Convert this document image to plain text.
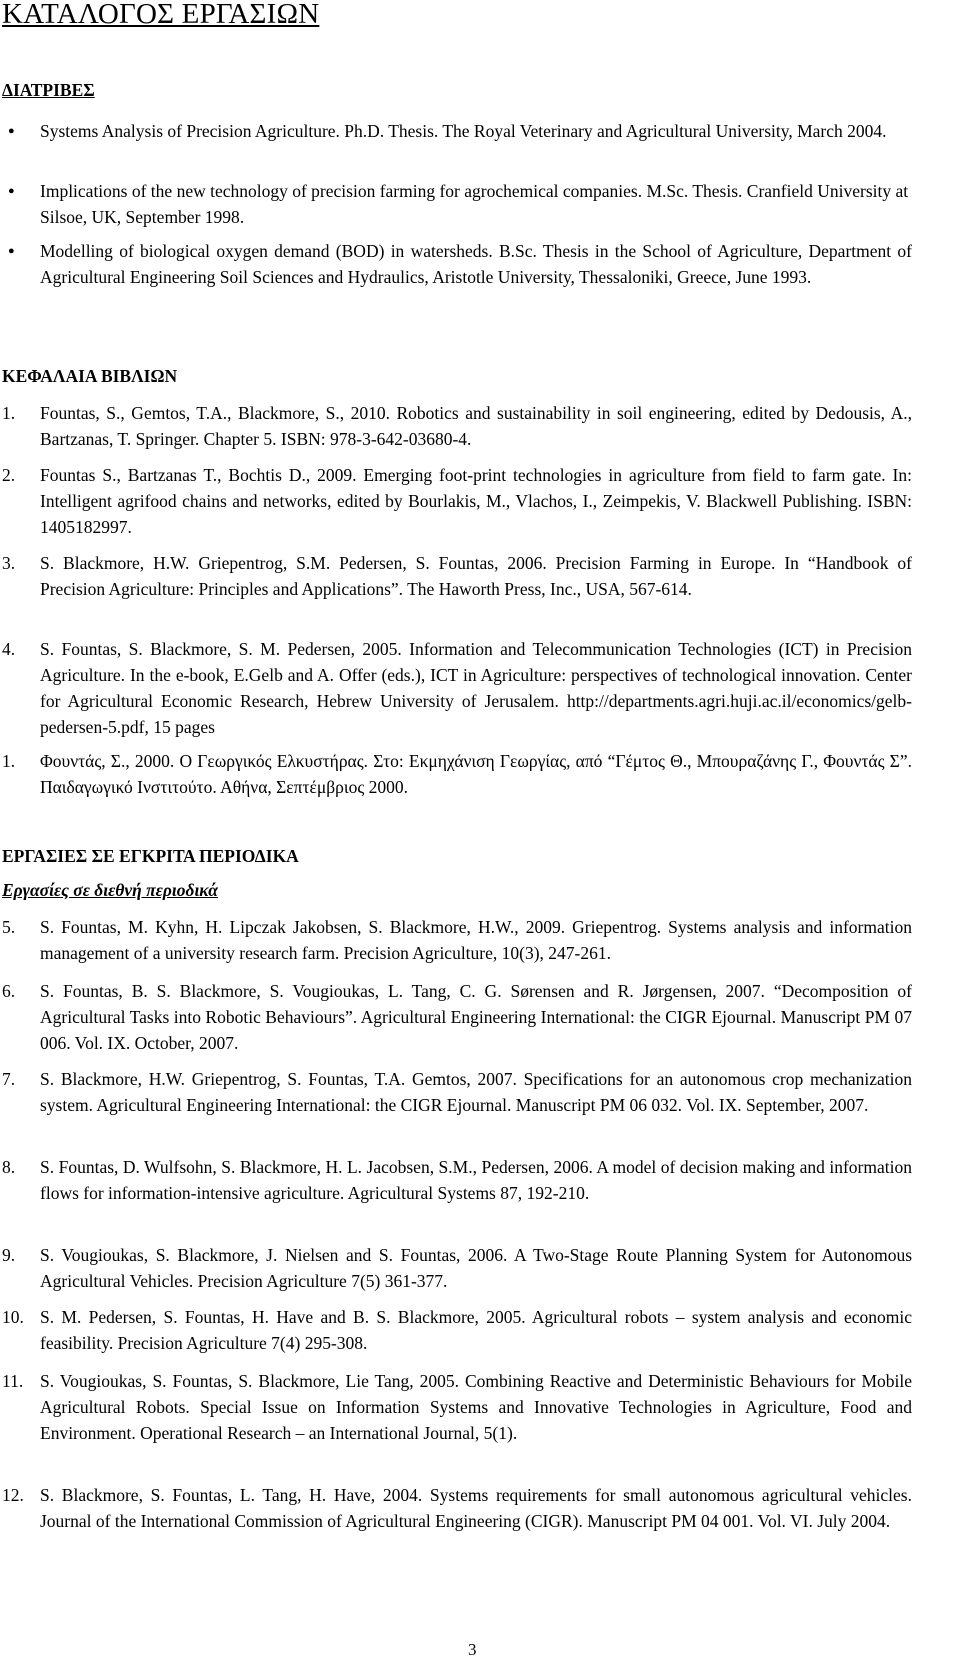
ΚΑΤΑΛΟΓΟΣ ΕΡΓΑΣΙΩΝ
ΔΙΑΤΡΙΒΕΣ
● Systems Analysis of Precision Agriculture. Ph.D. Thesis. The Royal Veterinary and Agricultural University, March 2004.
● Implications of the new technology of precision farming for agrochemical companies. M.Sc. Thesis. Cranfield University at Silsoe, UK, September 1998.
● Modelling of biological oxygen demand (BOD) in watersheds. B.Sc. Thesis in the School of Agriculture, Department of Agricultural Engineering Soil Sciences and Hydraulics, Aristotle University, Thessaloniki, Greece, June 1993.
ΚΕΦΑΛΑΙΑ ΒΙΒΛΙΩΝ
1. Fountas, S., Gemtos, T.A., Blackmore, S., 2010. Robotics and sustainability in soil engineering, edited by Dedousis, A., Bartzanas, T. Springer. Chapter 5. ISBN: 978-3-642-03680-4.
2. Fountas S., Bartzanas T., Bochtis D., 2009. Emerging foot-print technologies in agriculture from field to farm gate. In: Intelligent agrifood chains and networks, edited by Bourlakis, M., Vlachos, I., Zeimpekis, V. Blackwell Publishing. ISBN: 1405182997.
3. S. Blackmore, H.W. Griepentrog, S.M. Pedersen, S. Fountas, 2006. Precision Farming in Europe. In “Handbook of Precision Agriculture: Principles and Applications”. The Haworth Press, Inc., USA, 567-614.
4. S. Fountas, S. Blackmore, S. M. Pedersen, 2005. Information and Telecommunication Technologies (ICT) in Precision Agriculture. In the e-book, E.Gelb and A. Offer (eds.), ICT in Agriculture: perspectives of technological innovation. Center for Agricultural Economic Research, Hebrew University of Jerusalem. http://departments.agri.huji.ac.il/economics/gelb-pedersen-5.pdf, 15 pages
1. Φουντάς, Σ., 2000. Ο Γεωργικός Ελκυστήρας. Στο: Εκμηχάνιση Γεωργίας, από “Γέμτος Θ., Μπουραζάνης Γ., Φουντάς Σ”. Παιδαγωγικό Ινστιτούτο. Αθήνα, Σεπτέμβριος 2000.
ΕΡΓΑΣΙΕΣ ΣΕ ΕΓΚΡΙΤΑ ΠΕΡΙΟΔΙΚΑ
Εργασίες σε διεθνή περιοδικά
5. S. Fountas, M. Kyhn, H. Lipczak Jakobsen, S. Blackmore, H.W., 2009. Griepentrog. Systems analysis and information management of a university research farm. Precision Agriculture, 10(3), 247-261.
6. S. Fountas, B. S. Blackmore, S. Vougioukas, L. Tang, C. G. Sørensen and R. Jørgensen, 2007. “Decomposition of Agricultural Tasks into Robotic Behaviours”. Agricultural Engineering International: the CIGR Ejournal. Manuscript PM 07 006. Vol. IX. October, 2007.
7. S. Blackmore, H.W. Griepentrog, S. Fountas, T.A. Gemtos, 2007. Specifications for an autonomous crop mechanization system. Agricultural Engineering International: the CIGR Ejournal. Manuscript PM 06 032. Vol. IX. September, 2007.
8. S. Fountas, D. Wulfsohn, S. Blackmore, H. L. Jacobsen, S.M., Pedersen, 2006. A model of decision making and information flows for information-intensive agriculture. Agricultural Systems 87, 192-210.
9. S. Vougioukas, S. Blackmore, J. Nielsen and S. Fountas, 2006. A Two-Stage Route Planning System for Autonomous Agricultural Vehicles. Precision Agriculture 7(5) 361-377.
10. S. M. Pedersen, S. Fountas, H. Have and B. S. Blackmore, 2005. Agricultural robots – system analysis and economic feasibility. Precision Agriculture 7(4) 295-308.
11. S. Vougioukas, S. Fountas, S. Blackmore, Lie Tang, 2005. Combining Reactive and Deterministic Behaviours for Mobile Agricultural Robots. Special Issue on Information Systems and Innovative Technologies in Agriculture, Food and Environment. Operational Research – an International Journal, 5(1).
12. S. Blackmore, S. Fountas, L. Tang, H. Have, 2004. Systems requirements for small autonomous agricultural vehicles. Journal of the International Commission of Agricultural Engineering (CIGR). Manuscript PM 04 001. Vol. VI. July 2004.
3
